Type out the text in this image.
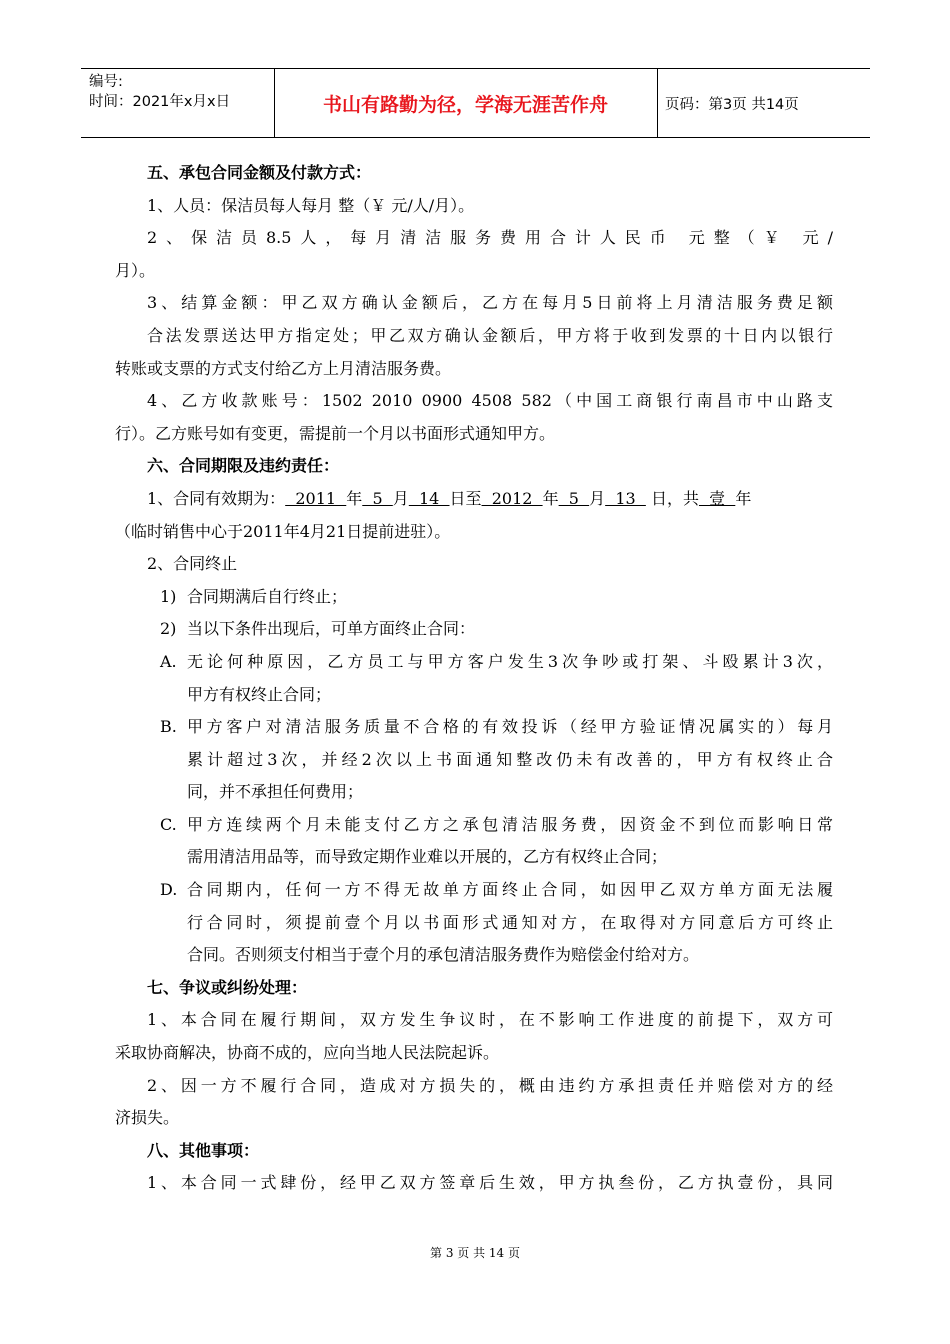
编号:
时间：2021年x月x日	书山有路勤为径，学海无涯苦作舟	页码：第3页 共14页
五、承包合同金额及付款方式：
1、人员：保洁员每人每月 整（￥ 元/人/月）。
2、保洁员8.5人，每月清洁服务费用合计人民币 元整（￥ 元/
月）。
3、结算金额：甲乙双方确认金额后，乙方在每月5日前将上月清洁服务费足额
合法发票送达甲方指定处；甲乙双方确认金额后，甲方将于收到发票的十日内以银行
转账或支票的方式支付给乙方上月清洁服务费。
4、乙方收款账号：1502 2010 0900 4508 582（中国工商银行南昌市中山路支
行）。乙方账号如有变更，需提前一个月以书面形式通知甲方。
六、合同期限及违约责任：
1、合同有效期为：  2011  年  5  月  14  日至  2012  年  5  月  13   日，共  壹  年
（临时销售中心于2011年4月21日提前进驻）。
2、合同终止
1) 合同期满后自行终止；
2) 当以下条件出现后，可单方面终止合同：
A. 无论何种原因，乙方员工与甲方客户发生3次争吵或打架、斗殴累计3次，
甲方有权终止合同；
B. 甲方客户对清洁服务质量不合格的有效投诉（经甲方验证情况属实的）每月
累计超过3次，并经2次以上书面通知整改仍未有改善的，甲方有权终止合
同，并不承担任何费用；
C. 甲方连续两个月未能支付乙方之承包清洁服务费，因资金不到位而影响日常
需用清洁用品等，而导致定期作业难以开展的，乙方有权终止合同；
D. 合同期内，任何一方不得无故单方面终止合同，如因甲乙双方单方面无法履
行合同时，须提前壹个月以书面形式通知对方，在取得对方同意后方可终止
合同。否则须支付相当于壹个月的承包清洁服务费作为赔偿金付给对方。
七、争议或纠纷处理：
1、本合同在履行期间，双方发生争议时，在不影响工作进度的前提下，双方可
采取协商解决，协商不成的，应向当地人民法院起诉。
2、因一方不履行合同，造成对方损失的，概由违约方承担责任并赔偿对方的经
济损失。
八、其他事项：
1、本合同一式肆份，经甲乙双方签章后生效，甲方执叁份，乙方执壹份，具同
第 3 页 共 14 页
